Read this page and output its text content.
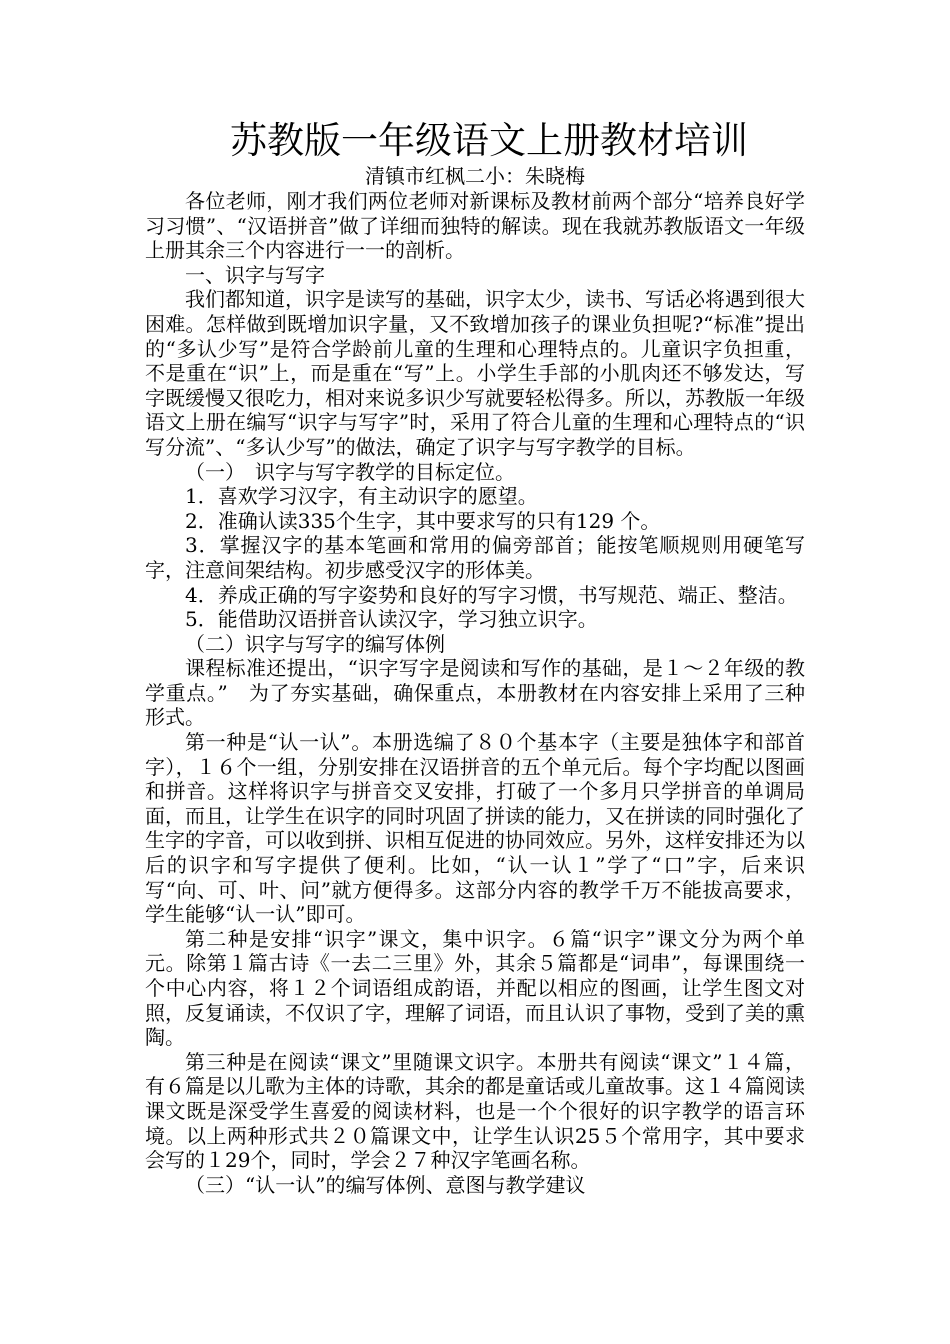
苏教版一年级语文上册教材培训
清镇市红枫二小：朱晓梅

各位老师，刚才我们两位老师对新课标及教材前两个部分“培养良好学习习惯”、“汉语拼音”做了详细而独特的解读。现在我就苏教版语文一年级上册其余三个内容进行一一的剖析。

一、识字与写字

我们都知道，识字是读写的基础，识字太少，读书、写话必将遇到很大困难。怎样做到既增加识字量，又不致增加孩子的课业负担呢?“标准”提出的“多认少写”是符合学龄前儿童的生理和心理特点的。儿童识字负担重，不是重在“识”上，而是重在“写”上。小学生手部的小肌肉还不够发达，写字既缓慢又很吃力，相对来说多识少写就要轻松得多。所以，苏教版一年级语文上册在编写“识字与写字”时，采用了符合儿童的生理和心理特点的“识写分流”、“多认少写”的做法，确定了识字与写字教学的目标。

（一）　识字与写字教学的目标定位。

1．喜欢学习汉字，有主动识字的愿望。

2．准确认读335个生字，其中要求写的只有129 个。

3．掌握汉字的基本笔画和常用的偏旁部首；能按笔顺规则用硬笔写字，注意间架结构。初步感受汉字的形体美。

4．养成正确的写字姿势和良好的写字习惯，书写规范、端正、整洁。

5．能借助汉语拼音认读汉字，学习独立识字。

（二）识字与写字的编写体例

课程标准还提出，“识字写字是阅读和写作的基础，是１～２年级的教学重点。”　为了夯实基础，确保重点，本册教材在内容安排上采用了三种形式。

第一种是“认一认”。本册选编了８０个基本字（主要是独体字和部首字），１６个一组，分别安排在汉语拼音的五个单元后。每个字均配以图画和拼音。这样将识字与拼音交叉安排，打破了一个多月只学拼音的单调局面，而且，让学生在识字的同时巩固了拼读的能力，又在拼读的同时强化了生字的字音，可以收到拼、识相互促进的协同效应。另外，这样安排还为以后的识字和写字提供了便利。比如，“认一认１”学了“口”字，后来识写“向、可、叶、问”就方便得多。这部分内容的教学千万不能拔高要求，学生能够“认一认”即可。

第二种是安排“识字”课文，集中识字。６篇“识字”课文分为两个单元。除第１篇古诗《一去二三里》外，其余５篇都是“词串”，每课围绕一个中心内容，将１２个词语组成韵语，并配以相应的图画，让学生图文对照，反复诵读，不仅识了字，理解了词语，而且认识了事物，受到了美的熏陶。

第三种是在阅读“课文”里随课文识字。本册共有阅读“课文”１４篇，有６篇是以儿歌为主体的诗歌，其余的都是童话或儿童故事。这１４篇阅读课文既是深受学生喜爱的阅读材料，也是一个个很好的识字教学的语言环境。以上两种形式共２０篇课文中，让学生认识25５个常用字，其中要求会写的１29个，同时，学会２７种汉字笔画名称。

（三）“认一认”的编写体例、意图与教学建议
